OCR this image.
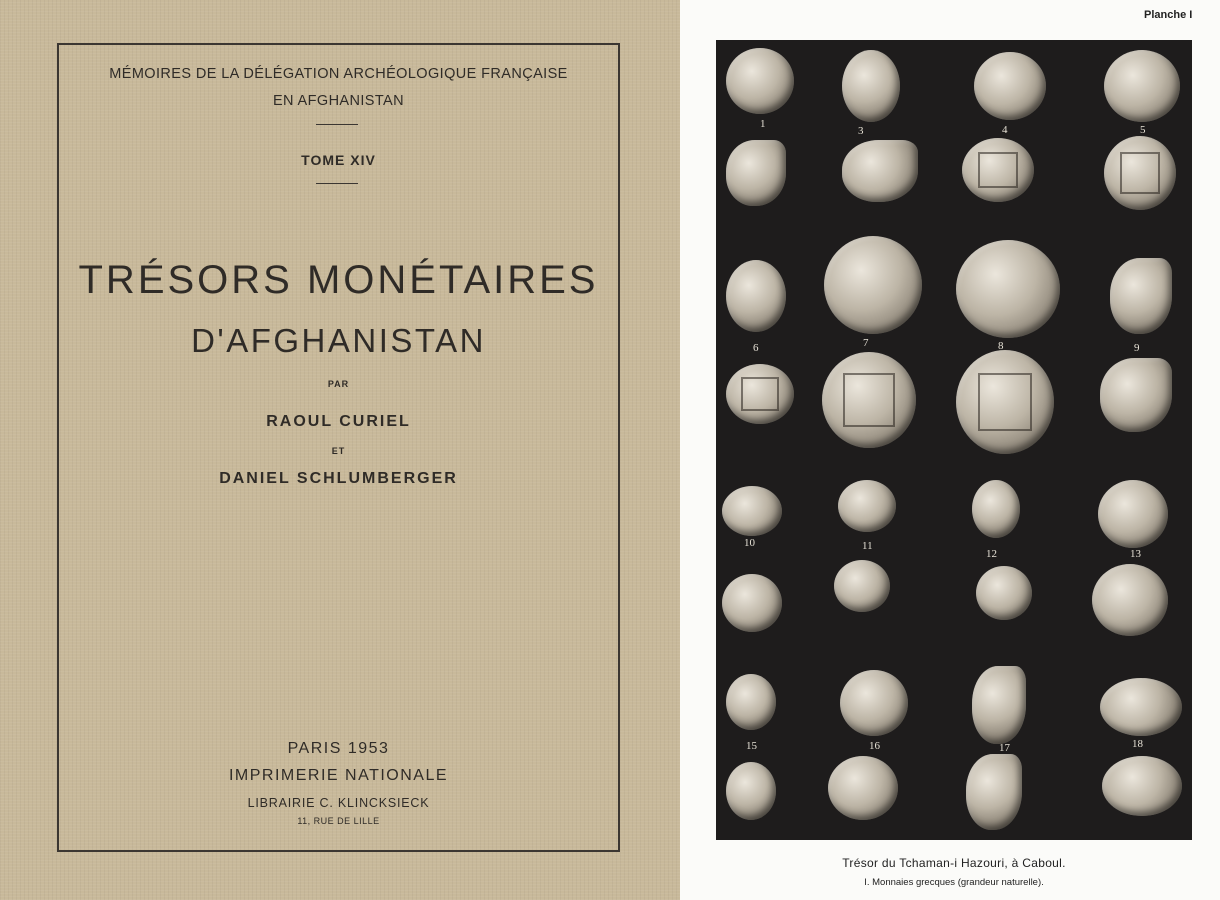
MÉMOIRES DE LA DÉLÉGATION ARCHÉOLOGIQUE FRANÇAISE
EN AFGHANISTAN
TOME XIV
TRÉSORS MONÉTAIRES
D'AFGHANISTAN
PAR
RAOUL CURIEL
ET
DANIEL SCHLUMBERGER
PARIS 1953
IMPRIMERIE NATIONALE
LIBRAIRIE C. KLINCKSIECK
11, RUE DE LILLE
Planche I
1
3	4	5
6	7	8	9
10	11
12	13
15	16	17	18
Trésor du Tchaman-i Hazouri, à Caboul.
I. Monnaies grecques (grandeur naturelle).
